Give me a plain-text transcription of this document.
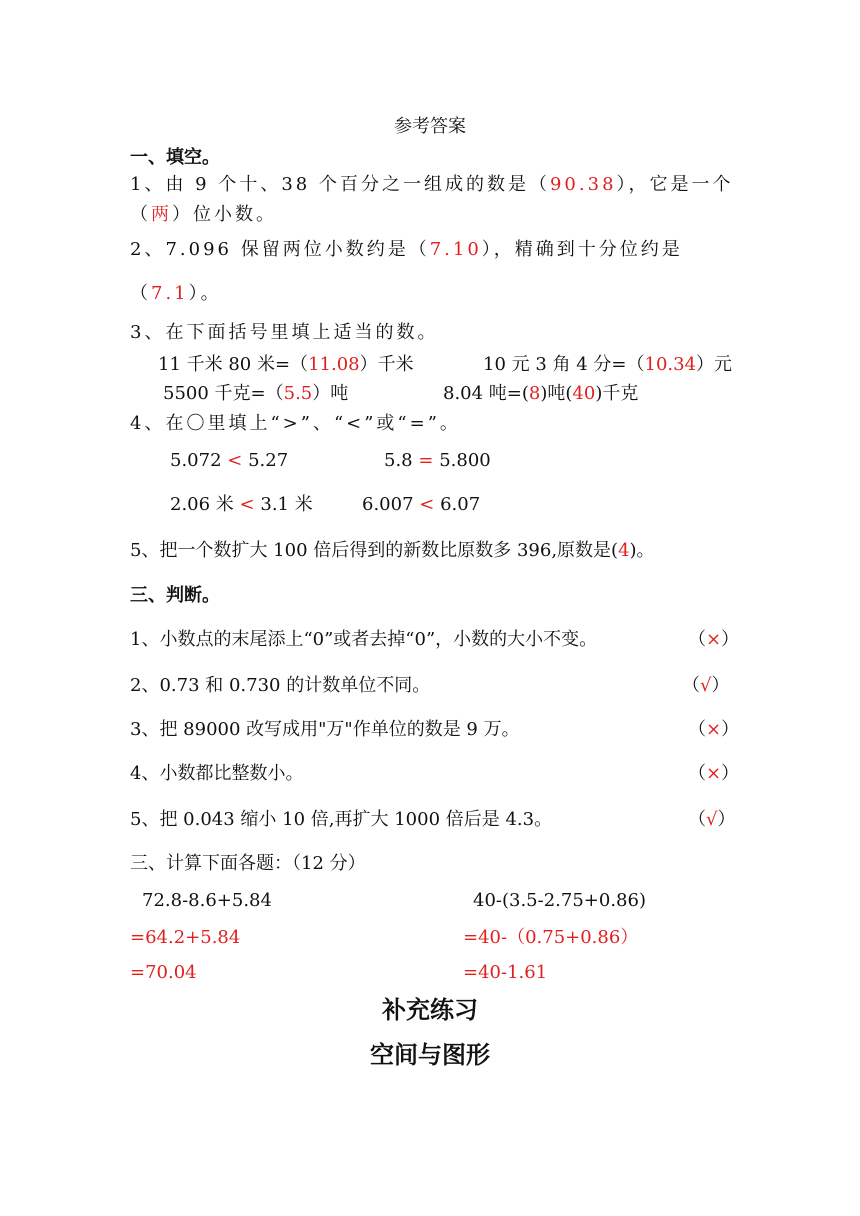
参考答案
一、填空。
1、由 9 个十、38 个百分之一组成的数是（90.38），它是一个
（两）位小数。
2、7.096 保留两位小数约是（7.10），精确到十分位约是
（7.1）。
3、在下面括号里填上适当的数。
11 千米 80 米=（11.08）千米	10 元 3 角 4 分=（10.34）元
5500 千克=（5.5）吨	8.04 吨=(8)吨(40)千克
4、在〇里填上“>”、“<”或“=”。
5.072 < 5.27	5.8 = 5.800
2.06 米 < 3.1 米	6.007 < 6.07
5、把一个数扩大 100 倍后得到的新数比原数多 396,原数是(4)。
三、判断。
1、小数点的末尾添上“0”或者去掉“0”，小数的大小不变。	（×）
2、0.73 和 0.730 的计数单位不同。	（√）
3、把 89000 改写成用"万"作单位的数是 9 万。	（×）
4、小数都比整数小。	（×）
5、把 0.043 缩小 10 倍,再扩大 1000 倍后是 4.3。	（√）
三、计算下面各题：（12 分）
72.8-8.6+5.84
=64.2+5.84
=70.04
40-(3.5-2.75+0.86)
=40-（0.75+0.86）
=40-1.61
补充练习
空间与图形
